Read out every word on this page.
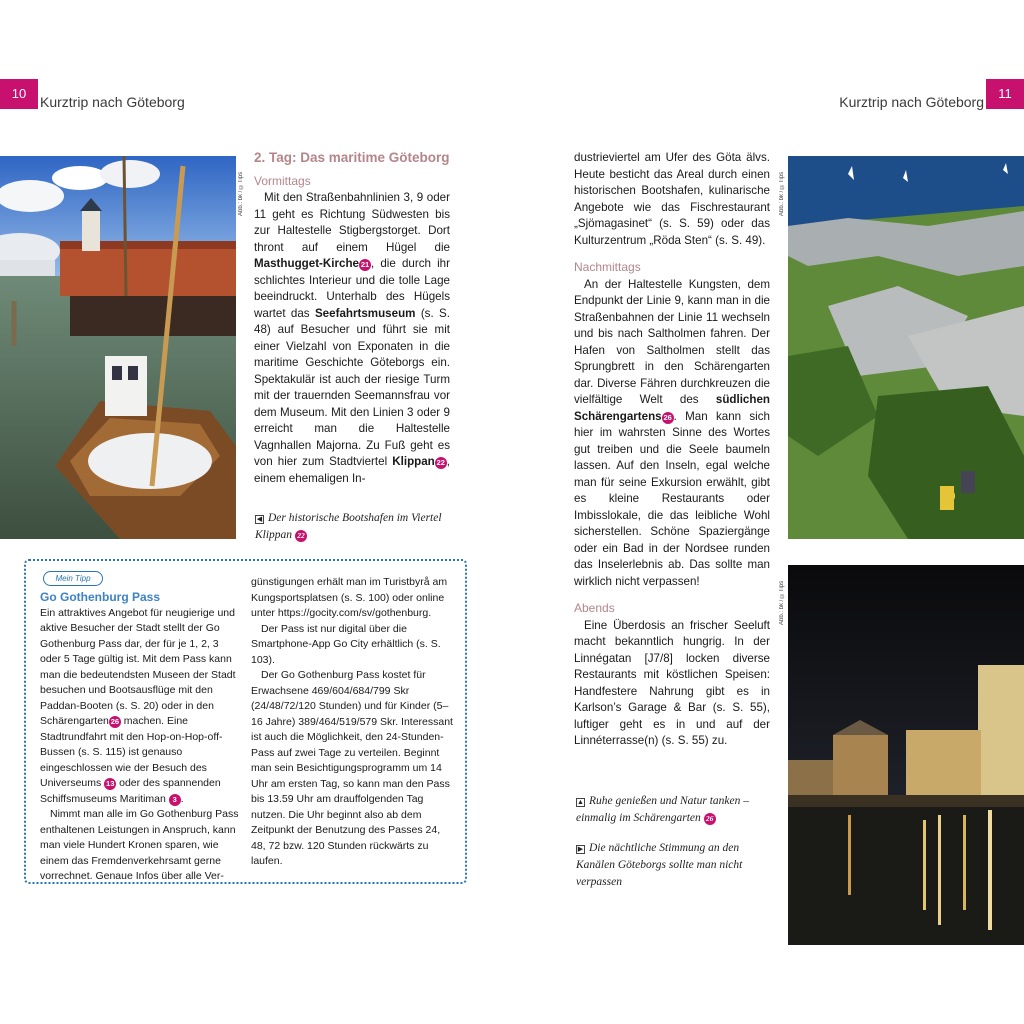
10
Kurztrip nach Göteborg	Kurztrip nach Göteborg
11
Abb.: bk / ©Tips
◀ Der historische Bootshafen im Viertel Klippan 22
2. Tag: Das maritime Göteborg
Vormittags

Mit den Straßenbahnlinien 3, 9 oder 11 geht es Richtung Südwesten bis zur Haltestelle Stigbergstorget. Dort thront auf einem Hügel die Masthugget-Kirche 21 , die durch ihr schlichtes Interieur und die tolle Lage beeindruckt. Unterhalb des Hügels wartet das Seefahrtsmuseum (s. S. 48) auf Besucher und führt sie mit einer Vielzahl von Exponaten in die maritime Geschichte Göteborgs ein. Spektakulär ist auch der riesige Turm mit der trauernden Seemannsfrau vor dem Museum. Mit den Linien 3 oder 9 erreicht man die Haltestelle Vagnhallen Majorna. Zu Fuß geht es von hier zum Stadtviertel Klippan 22 , einem ehemaligen In-

Mein Tipp
Go Gothenburg Pass

Ein attraktives Angebot für neugierige und aktive Besucher der Stadt stellt der Go Gothenburg Pass dar, der für je 1, 2, 3 oder 5 Tage gültig ist. Mit dem Pass kann man die bedeutendsten Museen der Stadt besuchen und Bootsausflüge mit den Paddan-Booten (s. S. 20) oder in den Schärengarten 26 machen. Eine Stadtrundfahrt mit den Hop-on-Hop-off-Bussen (s. S. 115) ist genauso eingeschlossen wie der Besuch des Universeums 13 oder des spannenden Schiffsmuseums Maritiman 3 .

Nimmt man alle im Go Gothenburg Pass enthaltenen Leistungen in Anspruch, kann man viele Hundert Kronen sparen, wie einem das Fremdenverkehrsamt gerne vorrechnet. Genaue Infos über alle Ver-

günstigungen erhält man im Turistbyrå am Kungsportsplatsen (s. S. 100) oder online unter https://gocity.com/sv/gothenburg.

Der Pass ist nur digital über die Smartphone-App Go City erhältlich (s. S. 103).

Der Go Gothenburg Pass kostet für Erwachsene 469/604/684/799 Skr (24/48/72/120 Stunden) und für Kinder (5–16 Jahre) 389/464/519/579 Skr. Interessant ist auch die Möglichkeit, den 24-Stunden-Pass auf zwei Tage zu verteilen. Beginnt man sein Besichtigungsprogramm um 14 Uhr am ersten Tag, so kann man den Pass bis 13.59 Uhr am drauffolgenden Tag nutzen. Die Uhr beginnt also ab dem Zeitpunkt der Benutzung des Passes 24, 48, 72 bzw. 120 Stunden rückwärts zu laufen.

dustrieviertel am Ufer des Göta älvs. Heute besticht das Areal durch einen historischen Bootshafen, kulinarische Angebote wie das Fischrestaurant „Sjömagasinet“ (s. S. 59) oder das Kulturzentrum „Röda Sten“ (s. S. 49).

Nachmittags

An der Haltestelle Kungsten, dem Endpunkt der Linie 9, kann man in die Straßenbahnen der Linie 11 wechseln und bis nach Saltholmen fahren. Der Hafen von Saltholmen stellt das Sprungbrett in den Schärengarten dar. Diverse Fähren durchkreuzen die vielfältige Welt des südlichen Schärengartens 26 . Man kann sich hier im wahrsten Sinne des Wortes gut treiben und die Seele baumeln lassen. Auf den Inseln, egal welche man für seine Exkursion erwählt, gibt es kleine Restaurants oder Imbisslokale, die das leibliche Wohl sicherstellen. Schöne Spaziergänge oder ein Bad in der Nordsee runden das Inselerlebnis ab. Das sollte man wirklich nicht verpassen!

Abends

Eine Überdosis an frischer Seeluft macht bekanntlich hungrig. In der Linnégatan [J7/8] locken diverse Restaurants mit köstlichen Speisen: Handfestere Nahrung gibt es in Karlson’s Garage & Bar (s. S. 55), luftiger geht es in und auf der Linnéterrasse(n) (s. S. 55) zu.

▲ Ruhe genießen und Natur tanken – einmalig im Schärengarten 26
▶ Die nächtliche Stimmung an den Kanälen Göteborgs sollte man nicht verpassen
Abb.: bk / ©Tips
Abb.: bk / ©Tips
